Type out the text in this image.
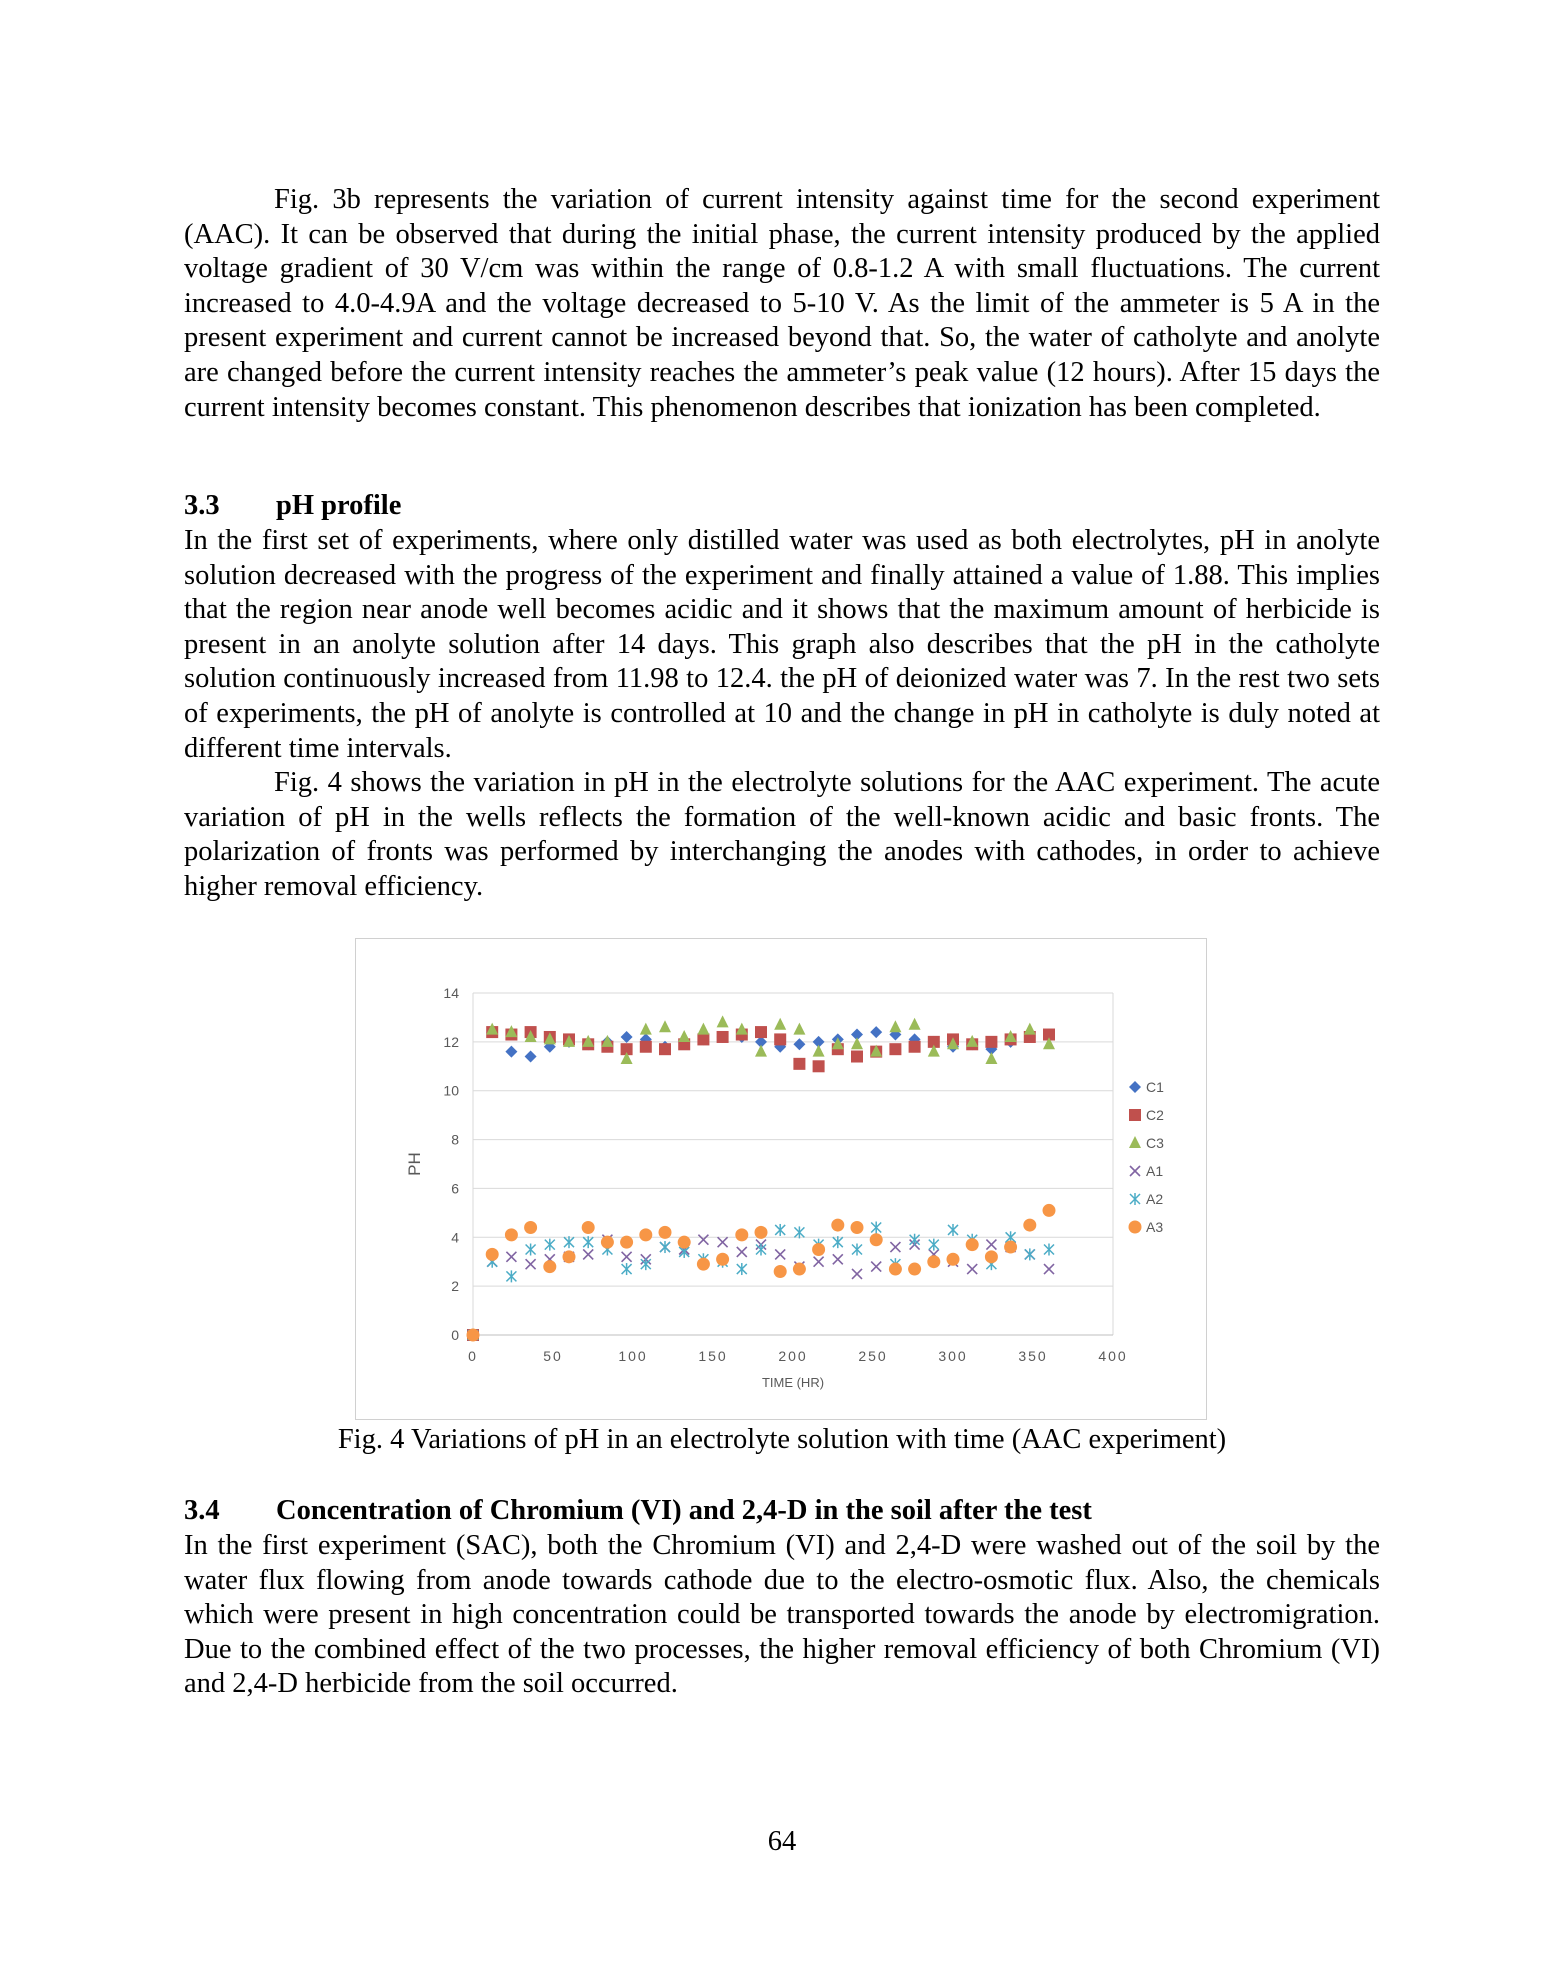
Fig. 3b represents the variation of current intensity against time for the second experiment (AAC). It can be observed that during the initial phase, the current intensity produced by the applied voltage gradient of 30 V/cm was within the range of 0.8-1.2 A with small fluctuations. The current increased to 4.0-4.9A and the voltage decreased to 5-10 V. As the limit of the ammeter is 5 A in the present experiment and current cannot be increased beyond that. So, the water of catholyte and anolyte are changed before the current intensity reaches the ammeter’s peak value (12 hours). After 15 days the current intensity becomes constant. This phenomenon describes that ionization has been completed.

3.3 pH profile

In the first set of experiments, where only distilled water was used as both electrolytes, pH in anolyte solution decreased with the progress of the experiment and finally attained a value of 1.88. This implies that the region near anode well becomes acidic and it shows that the maximum amount of herbicide is present in an anolyte solution after 14 days. This graph also describes that the pH in the catholyte solution continuously increased from 11.98 to 12.4. the pH of deionized water was 7. In the rest two sets of experiments, the pH of anolyte is controlled at 10 and the change in pH in catholyte is duly noted at different time intervals.

Fig. 4 shows the variation in pH in the electrolyte solutions for the AAC experiment. The acute variation of pH in the wells reflects the formation of the well-known acidic and basic fronts. The polarization of fronts was performed by interchanging the anodes with cathodes, in order to achieve higher removal efficiency.

0
2
4
6
8
10
12
14
0	50	100	150	200	250	300	350	400
TIME (HR)
PH
C1
C2
C3
A1
A2
A3

Fig. 4 Variations of pH in an electrolyte solution with time (AAC experiment)

3.4 Concentration of Chromium (VI) and 2,4-D in the soil after the test

In the first experiment (SAC), both the Chromium (VI) and 2,4-D were washed out of the soil by the water flux flowing from anode towards cathode due to the electro-osmotic flux. Also, the chemicals which were present in high concentration could be transported towards the anode by electromigration. Due to the combined effect of the two processes, the higher removal efficiency of both Chromium (VI) and 2,4-D herbicide from the soil occurred.

64
